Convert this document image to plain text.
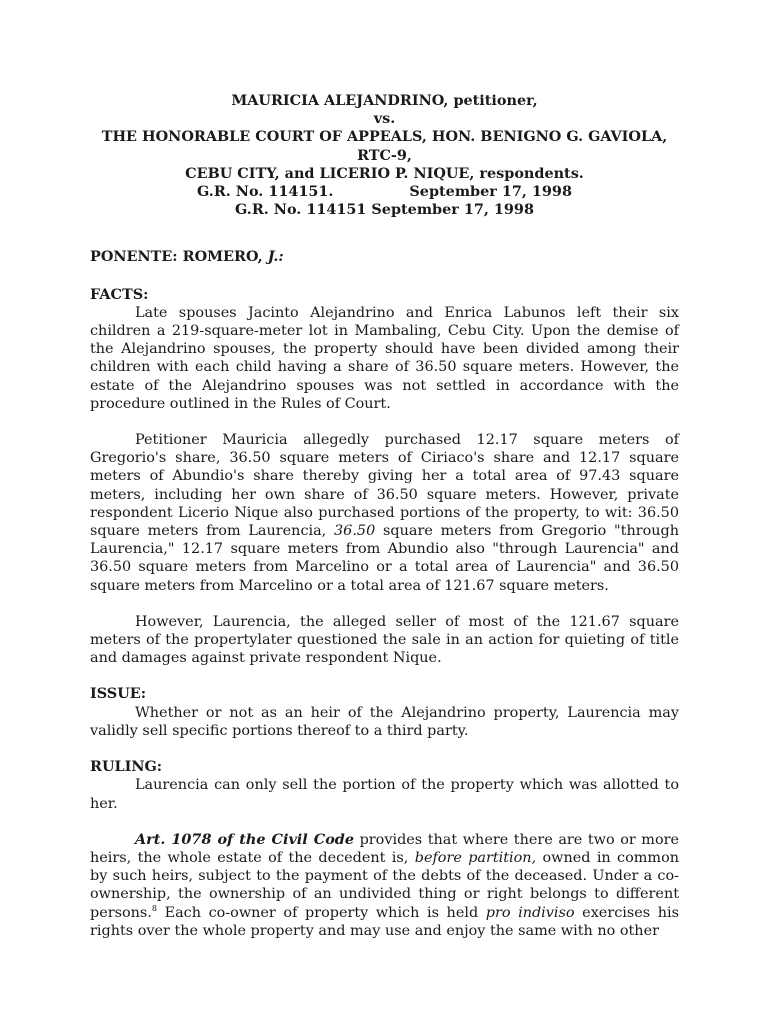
MAURICIA ALEJANDRINO, petitioner,
vs.
THE HONORABLE COURT OF APPEALS, HON. BENIGNO G. GAVIOLA, RTC-9,
CEBU CITY, and LICERIO P. NIQUE, respondents.
G.R. No. 114151.	September 17, 1998
G.R. No. 114151 September 17, 1998
PONENTE: ROMERO, J.:
FACTS:

Late spouses Jacinto Alejandrino and Enrica Labunos left their six children a 219-square-meter lot in Mambaling, Cebu City. Upon the demise of the Alejandrino spouses, the property should have been divided among their children with each child having a share of 36.50 square meters. However, the estate of the Alejandrino spouses was not settled in accordance with the procedure outlined in the Rules of Court.

Petitioner Mauricia allegedly purchased 12.17 square meters of Gregorio's share, 36.50 square meters of Ciriaco's share and 12.17 square meters of Abundio's share thereby giving her a total area of 97.43 square meters, including her own share of 36.50 square meters. However, private respondent Licerio Nique also purchased portions of the property, to wit: 36.50 square meters from Laurencia, 36.50 square meters from Gregorio "through Laurencia," 12.17 square meters from Abundio also "through Laurencia" and 36.50 square meters from Marcelino or a total area of Laurencia" and 36.50 square meters from Marcelino or a total area of 121.67 square meters.

However, Laurencia, the alleged seller of most of the 121.67 square meters of the propertylater questioned the sale in an action for quieting of title and damages against private respondent Nique.

ISSUE:

Whether or not as an heir of the Alejandrino property, Laurencia may validly sell specific portions thereof to a third party.

RULING:

Laurencia can only sell the portion of the property which was allotted to her.

Art. 1078 of the Civil Code provides that where there are two or more heirs, the whole estate of the decedent is, before partition, owned in common by such heirs, subject to the payment of the debts of the deceased. Under a co-ownership, the ownership of an undivided thing or right belongs to different persons.$^8$ Each co-owner of property which is held pro indiviso exercises his rights over the whole property and may use and enjoy the same with no other
